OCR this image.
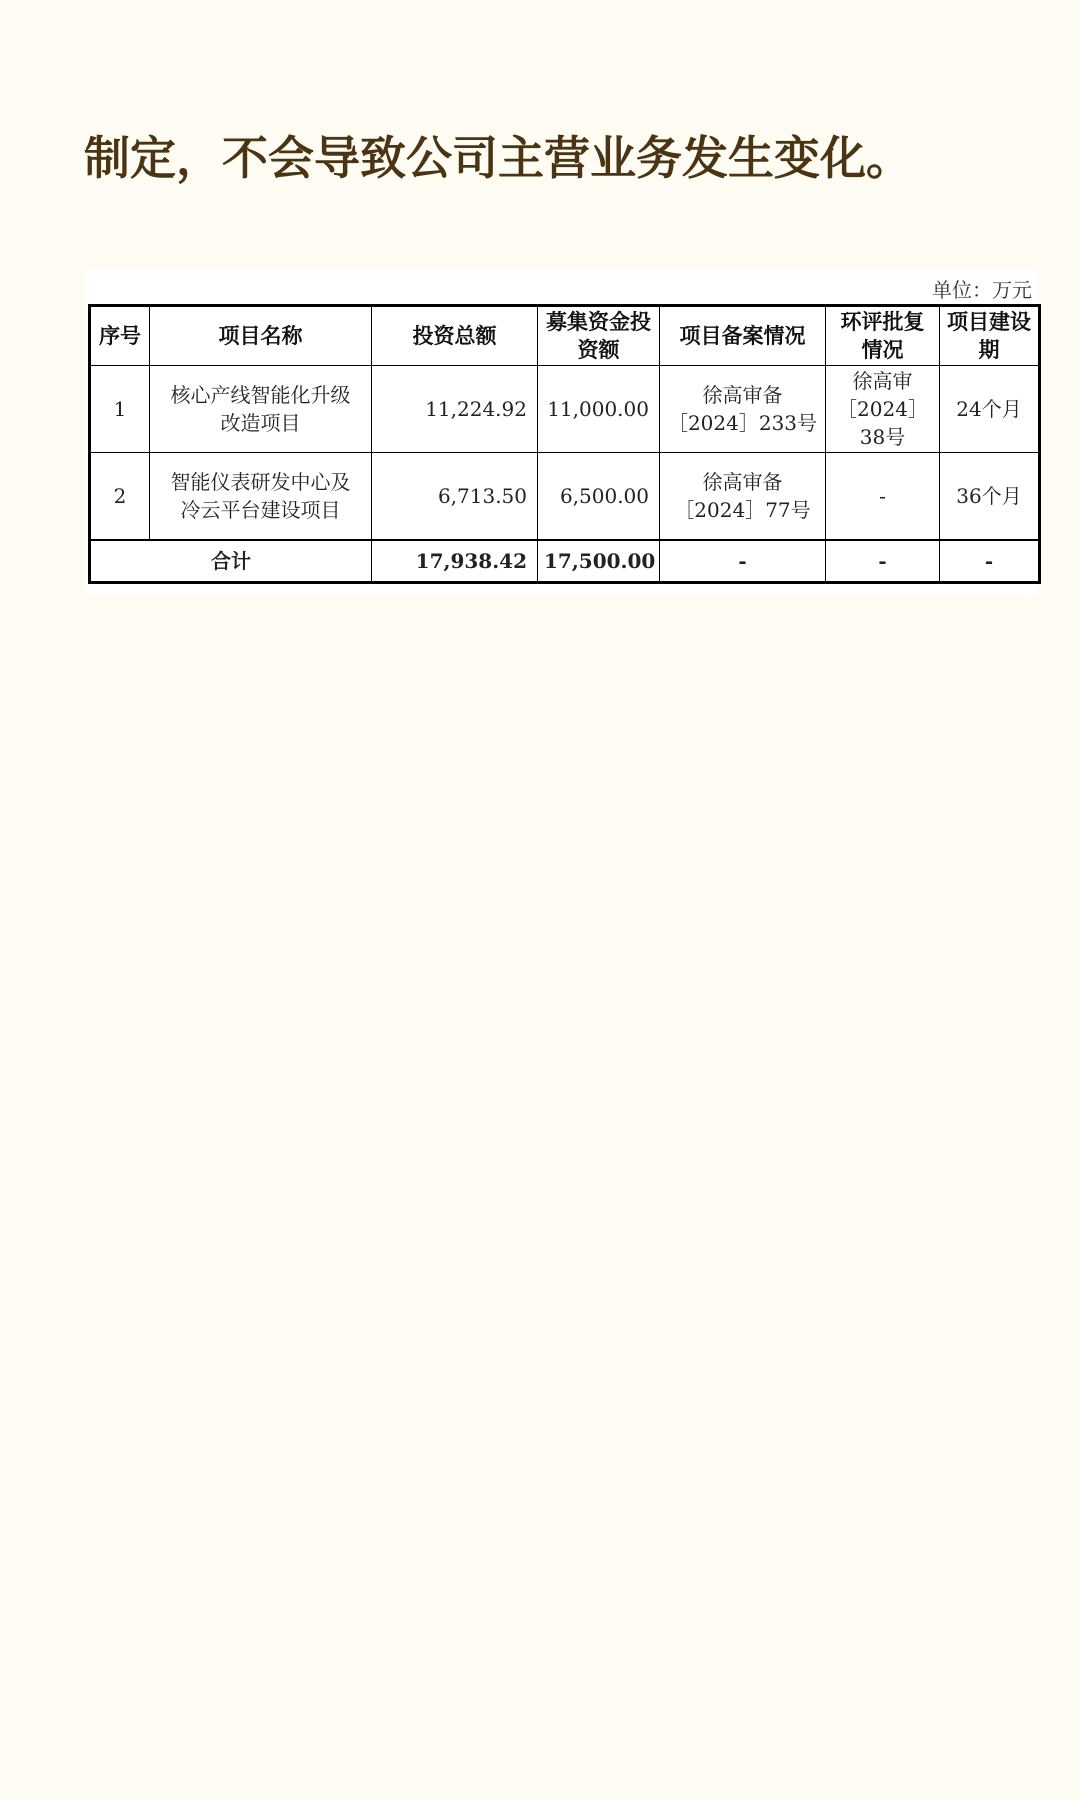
制定，不会导致公司主营业务发生变化。
单位：万元
序号	项目名称	投资总额	募集资金投资额	项目备案情况	环评批复情况	项目建设期
1	核心产线智能化升级改造项目	11,224.92	11,000.00	徐高审备［2024］233号	徐高审［2024］38号	24个月
2	智能仪表研发中心及冷云平台建设项目	6,713.50	6,500.00	徐高审备［2024］77号	-	36个月
合计		17,938.42	17,500.00	-	-	-
